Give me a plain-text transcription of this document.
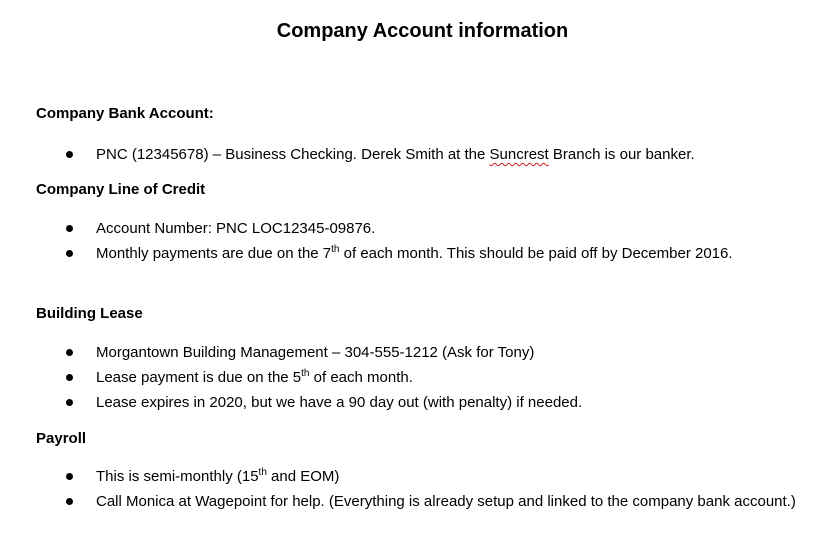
Company Account information
Company Bank Account:
PNC (12345678) – Business Checking. Derek Smith at the Suncrest Branch is our banker.
Company Line of Credit
Account Number: PNC LOC12345-09876.
Monthly payments are due on the 7th of each month. This should be paid off by December 2016.
Building Lease
Morgantown Building Management – 304-555-1212 (Ask for Tony)
Lease payment is due on the 5th of each month.
Lease expires in 2020, but we have a 90 day out (with penalty) if needed.
Payroll
This is semi-monthly (15th and EOM)
Call Monica at Wagepoint for help. (Everything is already setup and linked to the company bank account.)
